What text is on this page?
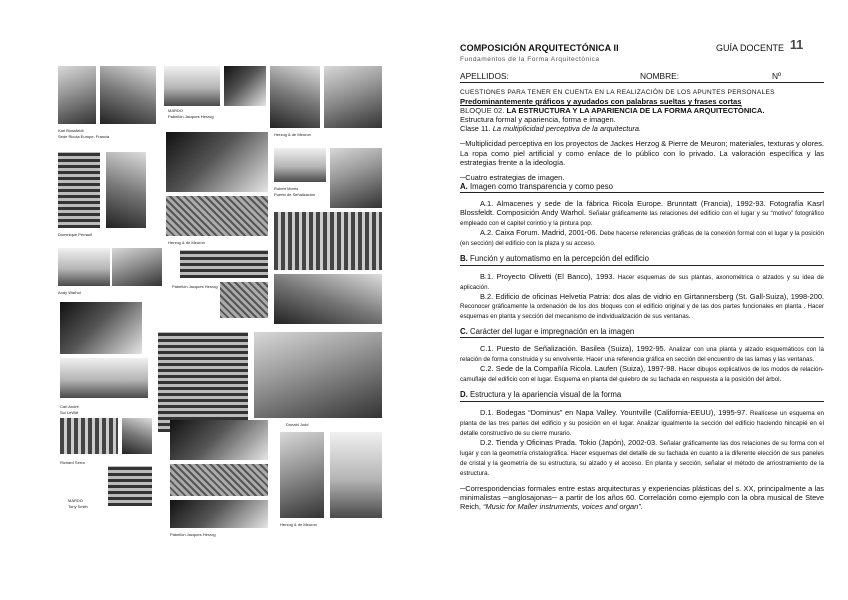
Karl Blossfeldt
Sede Ricola Europe. Francia
MARDO
Pabellón Jacques Herzog
Herzog & de Meuron
Robert Morris
Puerto de Señalización
Dominique Perrault
Herzog & de Meuron
Andy Warhol
Pabellón Jacques Herzog
Carl André
Sol LeWitt
Donald Judd
Richard Serra
MARDO
Tony Smith
Pabellón Jacques Herzog
Herzog & de Meuron
COMPOSICIÓN ARQUITECTÓNICA II
Fundamentos de la Forma Arquitectónica
GUÍA DOCENTE 11
APELLIDOS:	NOMBRE:	Nº

CUESTIONES PARA TENER EN CUENTA EN LA REALIZACIÓN DE LOS APUNTES PERSONALES

Predominantemente gráficos y ayudados con palabras sueltas y frases cortas

BLOQUE 02. LA ESTRUCTURA Y LA APARIENCIA DE LA FORMA ARQUITECTÓNICA.

Estructura formal y apariencia, forma e imagen.

Clase 11. La multiplicidad perceptiva de la arquitectura.

─Multiplicidad perceptiva en los proyectos de Jackes Herzog & Pierre de Meuron; materiales, texturas y olores. La ropa como piel artificial y como enlace de lo público con lo privado. La valoración específica y las estrategias frente a la ideología.

─Cuatro estrategias de imagen.

A. Imagen como transparencia y como peso

A.1. Almacenes y sede de la fábrica Ricola Europe. Brunntatt (Francia), 1992-93. Fotografía Kasrl Blossfeldt. Composición Andy Warhol. Señalar gráficamente las relaciones del edificio con el lugar y su “motivo” fotográfico empleado con el capitel corintio y la pintura pop.

A.2. Caixa Forum. Madrid, 2001-06. Debe hacerse referencias gráficas de la conexión formal con el lugar y la posición (en sección) del edificio con la plaza y su acceso.

B. Función y automatismo en la percepción del edificio

B.1. Proyecto Olivetti (El Banco), 1993. Hacer esquemas de sus plantas, axonométrica o alzados y su idea de aplicación.

B.2. Edificio de oficinas Helvetia Patria: dos alas de vidrio en Girtannersberg (St. Gall-Suiza), 1998-200. Reconocer gráficamente la ordenación de los dos bloques con el edificio original y de las dos partes funcionales en planta . Hacer esquemas en planta y sección del mecanismo de individualización de sus ventanas.

C. Carácter del lugar e impregnación en la imagen

C.1. Puesto de Señalización. Basilea (Suiza), 1992-95. Analizar con una planta y alzado esquemáticos con la relación de forma construida y su envolvente. Hacer una referencia gráfica en sección del encuentro de las lamas y las ventanas.

C.2. Sede de la Compañía Ricola. Laufen (Suiza), 1997-98. Hacer dibujos explicativos de los modos de relación-camuflaje del edificio con el lugar. Esquema en planta del quiebro de su fachada en respuesta a la posición del árbol.

D. Estructura y la apariencia visual de la forma

D.1. Bodegas “Dominus” en Napa Valley. Yountville (California-EEUU), 1995-97. Realícese un esquema en planta de las tres partes del edificio y su posición en el lugar. Analizar igualmente la sección del edificio haciendo hincapié en el detalle constructivo de su cierre murario.

D.2. Tienda y Oficinas Prada. Tokio (Japón), 2002-03. Señalar gráficamente las dos relaciones de su forma con el lugar y con la geometría cristalográfica. Hacer esquemas del detalle de su fachada en cuanto a la diferente elección de sus paneles de cristal y la geometría de su estructura, su alzado y el acceso. En planta y sección, señalar el método de arriostramiento de la estructura.

─Correspondencias formales entre estas arquitecturas y experiencias plásticas del s. XX, principalmente a las minimalistas ─anglosajonas─ a partir de los años 60. Correlación como ejemplo con la obra musical de Steve Reich, “Music for Maller instruments, voices and organ”.
